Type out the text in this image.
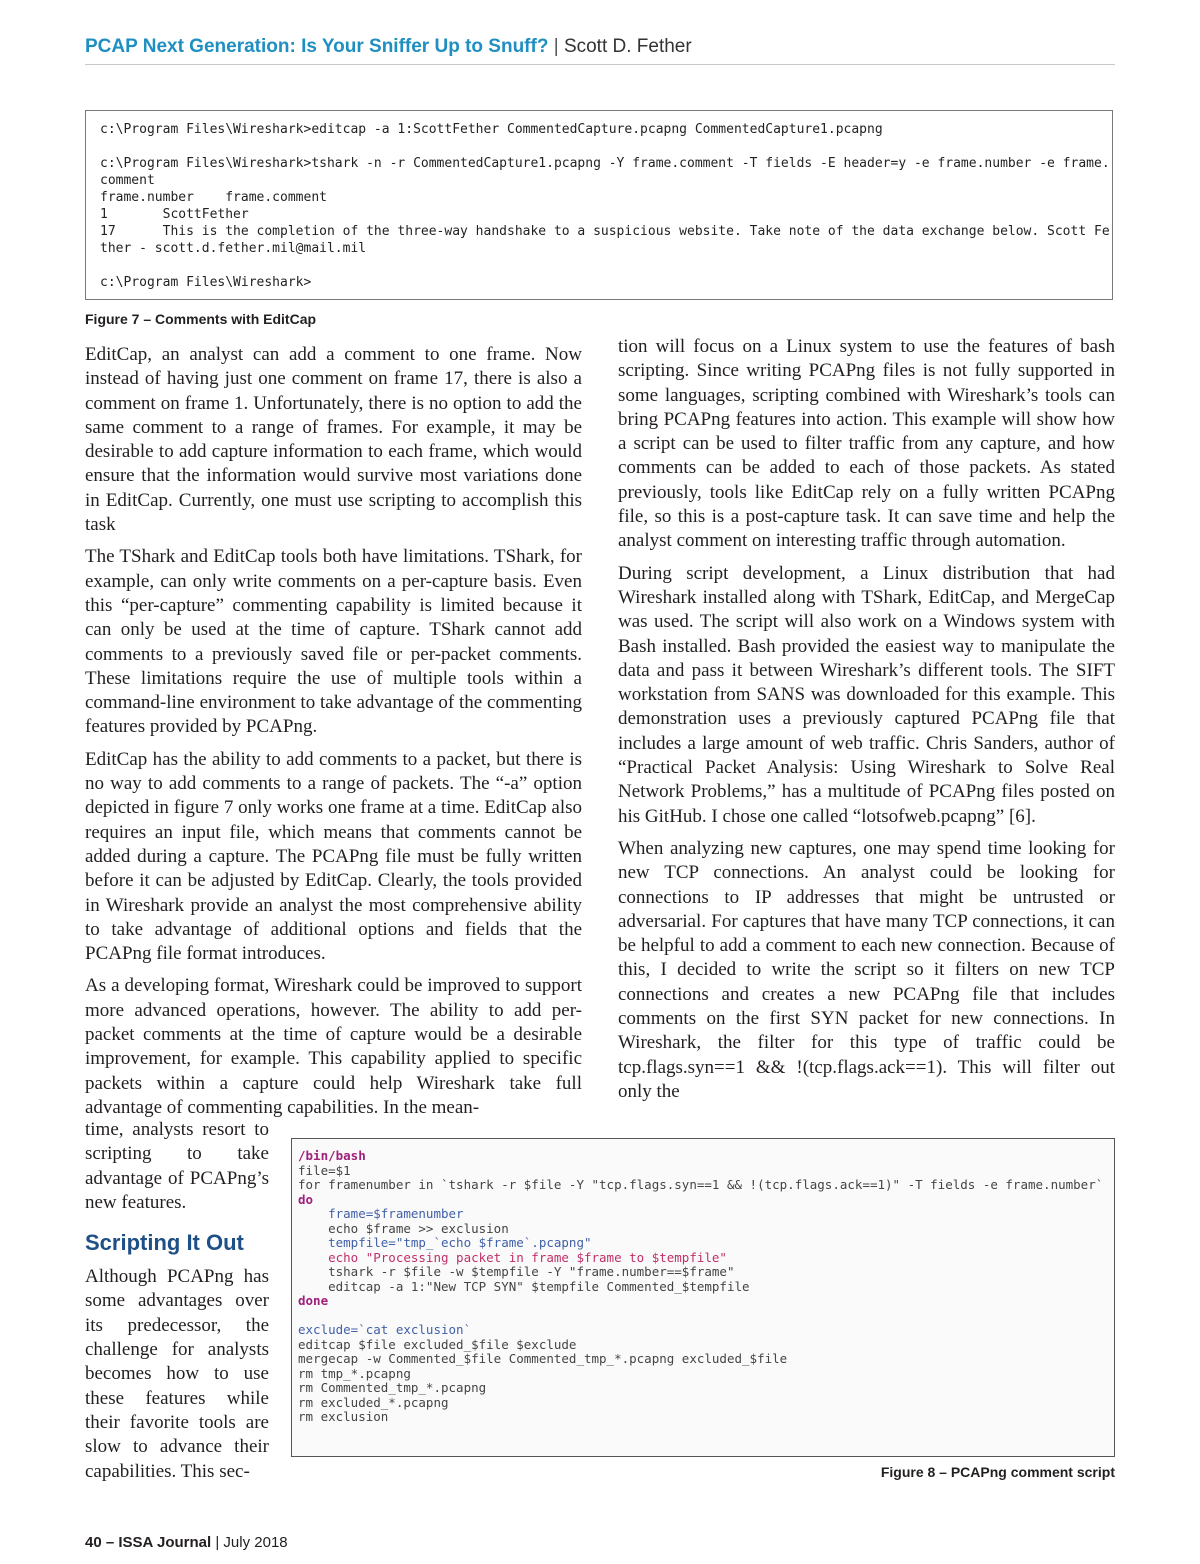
PCAP Next Generation: Is Your Sniffer Up to Snuff? | Scott D. Fether
c:\Program Files\Wireshark>editcap -a 1:ScottFether CommentedCapture.pcapng CommentedCapture1.pcapng

c:\Program Files\Wireshark>tshark -n -r CommentedCapture1.pcapng -Y frame.comment -T fields -E header=y -e frame.number -e frame.
comment
frame.number    frame.comment
1       ScottFether
17      This is the completion of the three-way handshake to a suspicious website. Take note of the data exchange below. Scott Fe
ther - scott.d.fether.mil@mail.mil

c:\Program Files\Wireshark>
Figure 7 – Comments with EditCap

EditCap, an analyst can add a comment to one frame. Now instead of having just one comment on frame 17, there is also a comment on frame 1. Unfortunately, there is no option to add the same comment to a range of frames. For example, it may be desirable to add capture information to each frame, which would ensure that the information would survive most variations done in EditCap. Currently, one must use scripting to accomplish this task

The TShark and EditCap tools both have limitations. TShark, for example, can only write comments on a per-capture basis. Even this “per-capture” commenting capability is limited because it can only be used at the time of capture. TShark cannot add comments to a previously saved file or per-packet comments. These limitations require the use of multiple tools within a command-line environment to take advantage of the commenting features provided by PCAPng.

EditCap has the ability to add comments to a packet, but there is no way to add comments to a range of packets. The “-a” option depicted in figure 7 only works one frame at a time. EditCap also requires an input file, which means that comments cannot be added during a capture. The PCAPng file must be fully written before it can be adjusted by EditCap. Clearly, the tools provided in Wireshark provide an analyst the most comprehensive ability to take advantage of additional options and fields that the PCAPng file format introduces.

As a developing format, Wireshark could be improved to support more advanced operations, however. The ability to add per-packet comments at the time of capture would be a desirable improvement, for example. This capability applied to specific packets within a capture could help Wireshark take full advantage of commenting capabilities. In the mean-

time, analysts resort to scripting to take advantage of PCAPng’s new features.

Scripting It Out

Although PCAPng has some advantages over its predecessor, the challenge for analysts becomes how to use these features while their favorite tools are slow to advance their capabilities. This sec-

tion will focus on a Linux system to use the features of bash scripting. Since writing PCAPng files is not fully supported in some languages, scripting combined with Wireshark’s tools can bring PCAPng features into action. This example will show how a script can be used to filter traffic from any capture, and how comments can be added to each of those packets. As stated previously, tools like EditCap rely on a fully written PCAPng file, so this is a post-capture task. It can save time and help the analyst comment on interesting traffic through automation.

During script development, a Linux distribution that had Wireshark installed along with TShark, EditCap, and MergeCap was used. The script will also work on a Windows system with Bash installed. Bash provided the easiest way to manipulate the data and pass it between Wireshark’s different tools. The SIFT workstation from SANS was downloaded for this example. This demonstration uses a previously captured PCAPng file that includes a large amount of web traffic. Chris Sanders, author of “Practical Packet Analysis: Using Wireshark to Solve Real Network Problems,” has a multitude of PCAPng files posted on his GitHub. I chose one called “lotsofweb.pcapng” [6].

When analyzing new captures, one may spend time looking for new TCP connections. An analyst could be looking for connections to IP addresses that might be untrusted or adversarial. For captures that have many TCP connections, it can be helpful to add a comment to each new connection. Because of this, I decided to write the script so it filters on new TCP connections and creates a new PCAPng file that includes comments on the first SYN packet for new connections. In Wireshark, the filter for this type of traffic could be tcp.flags.syn==1 && !(tcp.flags.ack==1). This will filter out only the

/bin/bash
file=$1
for framenumber in `tshark -r $file -Y "tcp.flags.syn==1 && !(tcp.flags.ack==1)" -T fields -e frame.number`
do
frame=$framenumber
echo $frame >> exclusion
tempfile="tmp_`echo $frame`.pcapng"
echo "Processing packet in frame $frame to $tempfile"
tshark -r $file -w $tempfile -Y "frame.number==$frame"
editcap -a 1:"New TCP SYN" $tempfile Commented_$tempfile
done

exclude=`cat exclusion`
editcap $file excluded_$file $exclude
mergecap -w Commented_$file Commented_tmp_*.pcapng excluded_$file
rm tmp_*.pcapng
rm Commented_tmp_*.pcapng
rm excluded_*.pcapng
rm exclusion
Figure 8 – PCAPng comment script
40 – ISSA Journal | July 2018
